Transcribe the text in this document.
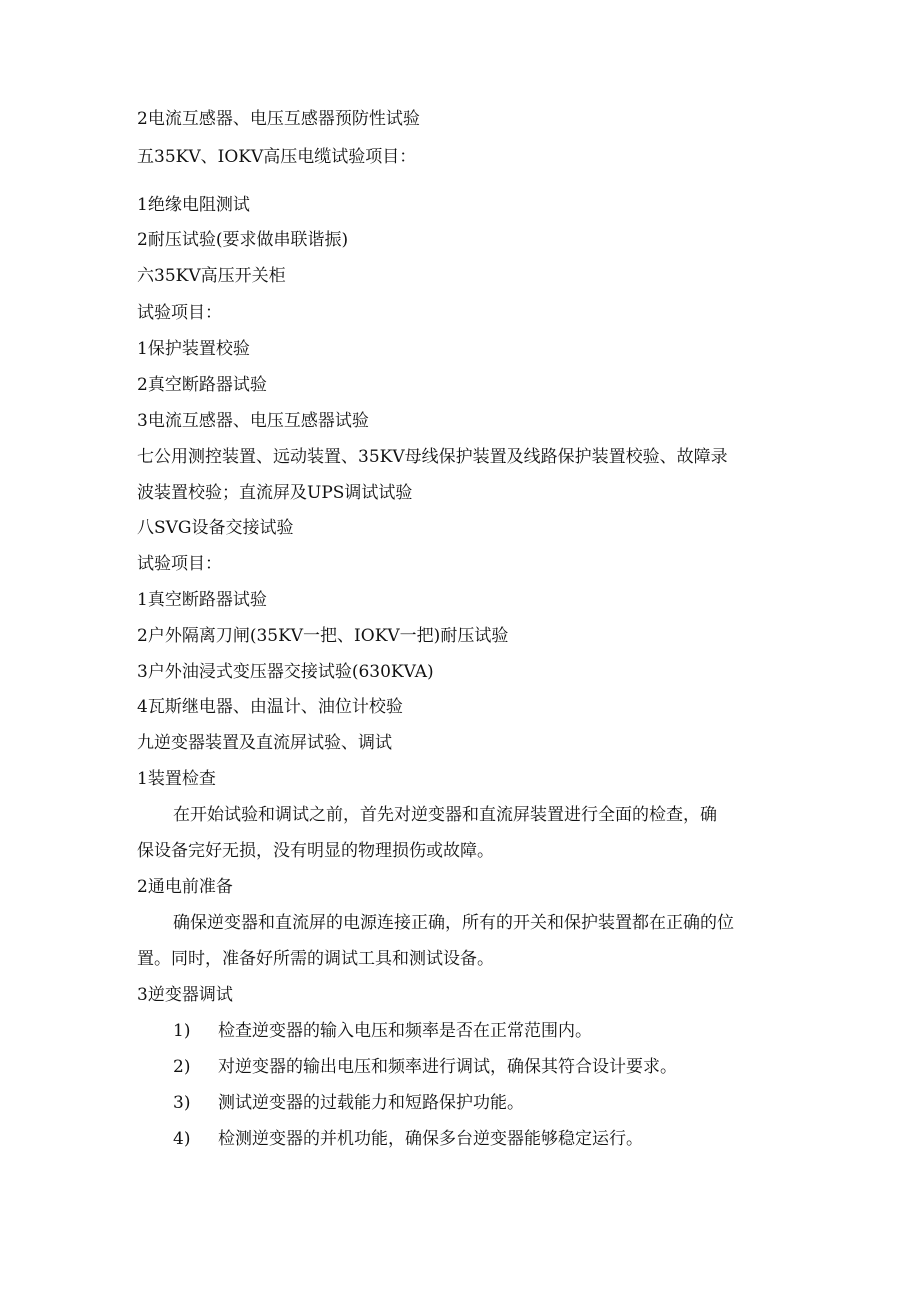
2电流互感器、电压互感器预防性试验
五35KV、IOKV高压电缆试验项目：
1绝缘电阻测试
2耐压试验(要求做串联谐振)
六35KV高压开关柜
试验项目：
1保护装置校验
2真空断路器试验
3电流互感器、电压互感器试验
七公用测控装置、远动装置、35KV母线保护装置及线路保护装置校验、故障录
波装置校验；直流屏及UPS调试试验
八SVG设备交接试验
试验项目：
1真空断路器试验
2户外隔离刀闸(35KV一把、IOKV一把)耐压试验
3户外油浸式变压器交接试验(630KVA)
4瓦斯继电器、由温计、油位计校验
九逆变器装置及直流屏试验、调试
1装置检查
在开始试验和调试之前，首先对逆变器和直流屏装置进行全面的检查，确
保设备完好无损，没有明显的物理损伤或故障。
2通电前准备
确保逆变器和直流屏的电源连接正确，所有的开关和保护装置都在正确的位
置。同时，准备好所需的调试工具和测试设备。
3逆变器调试
1) 检查逆变器的输入电压和频率是否在正常范围内。
2) 对逆变器的输出电压和频率进行调试，确保其符合设计要求。
3) 测试逆变器的过载能力和短路保护功能。
4) 检测逆变器的并机功能，确保多台逆变器能够稳定运行。
